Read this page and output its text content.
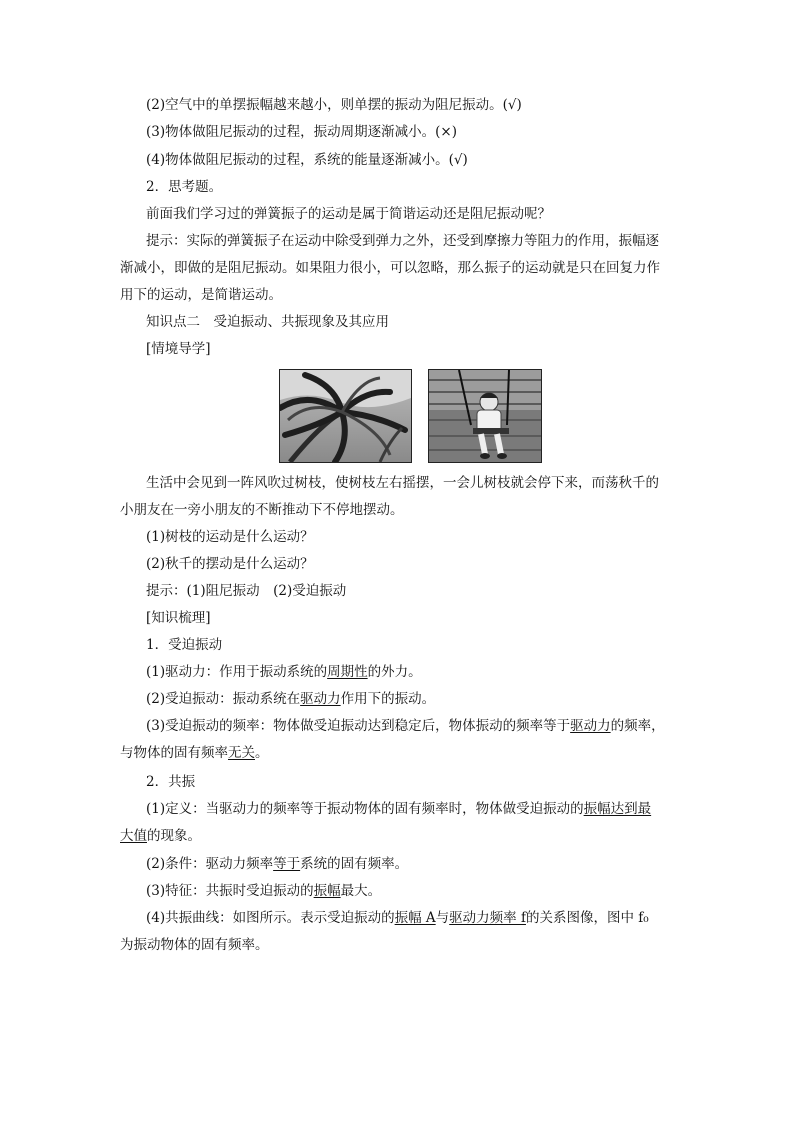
(2)空气中的单摆振幅越来越小，则单摆的振动为阻尼振动。(√)
(3)物体做阻尼振动的过程，振动周期逐渐减小。(×)
(4)物体做阻尼振动的过程，系统的能量逐渐减小。(√)
2．思考题。
前面我们学习过的弹簧振子的运动是属于简谐运动还是阻尼振动呢？
提示：实际的弹簧振子在运动中除受到弹力之外，还受到摩擦力等阻力的作用，振幅逐
渐减小，即做的是阻尼振动。如果阻力很小，可以忽略，那么振子的运动就是只在回复力作
用下的运动，是简谐运动。
知识点二　受迫振动、共振现象及其应用
[情境导学]
生活中会见到一阵风吹过树枝，使树枝左右摇摆，一会儿树枝就会停下来，而荡秋千的
小朋友在一旁小朋友的不断推动下不停地摆动。
(1)树枝的运动是什么运动？
(2)秋千的摆动是什么运动？
提示：(1)阻尼振动　(2)受迫振动
[知识梳理]
1．受迫振动
(1)驱动力：作用于振动系统的周期性的外力。
(2)受迫振动：振动系统在驱动力作用下的振动。
(3)受迫振动的频率：物体做受迫振动达到稳定后，物体振动的频率等于驱动力的频率，
与物体的固有频率无关。
2．共振
(1)定义：当驱动力的频率等于振动物体的固有频率时，物体做受迫振动的振幅达到最
大值的现象。
(2)条件：驱动力频率等于系统的固有频率。
(3)特征：共振时受迫振动的振幅最大。
(4)共振曲线：如图所示。表示受迫振动的振幅 A与驱动力频率 f的关系图像，图中 f₀
为振动物体的固有频率。
